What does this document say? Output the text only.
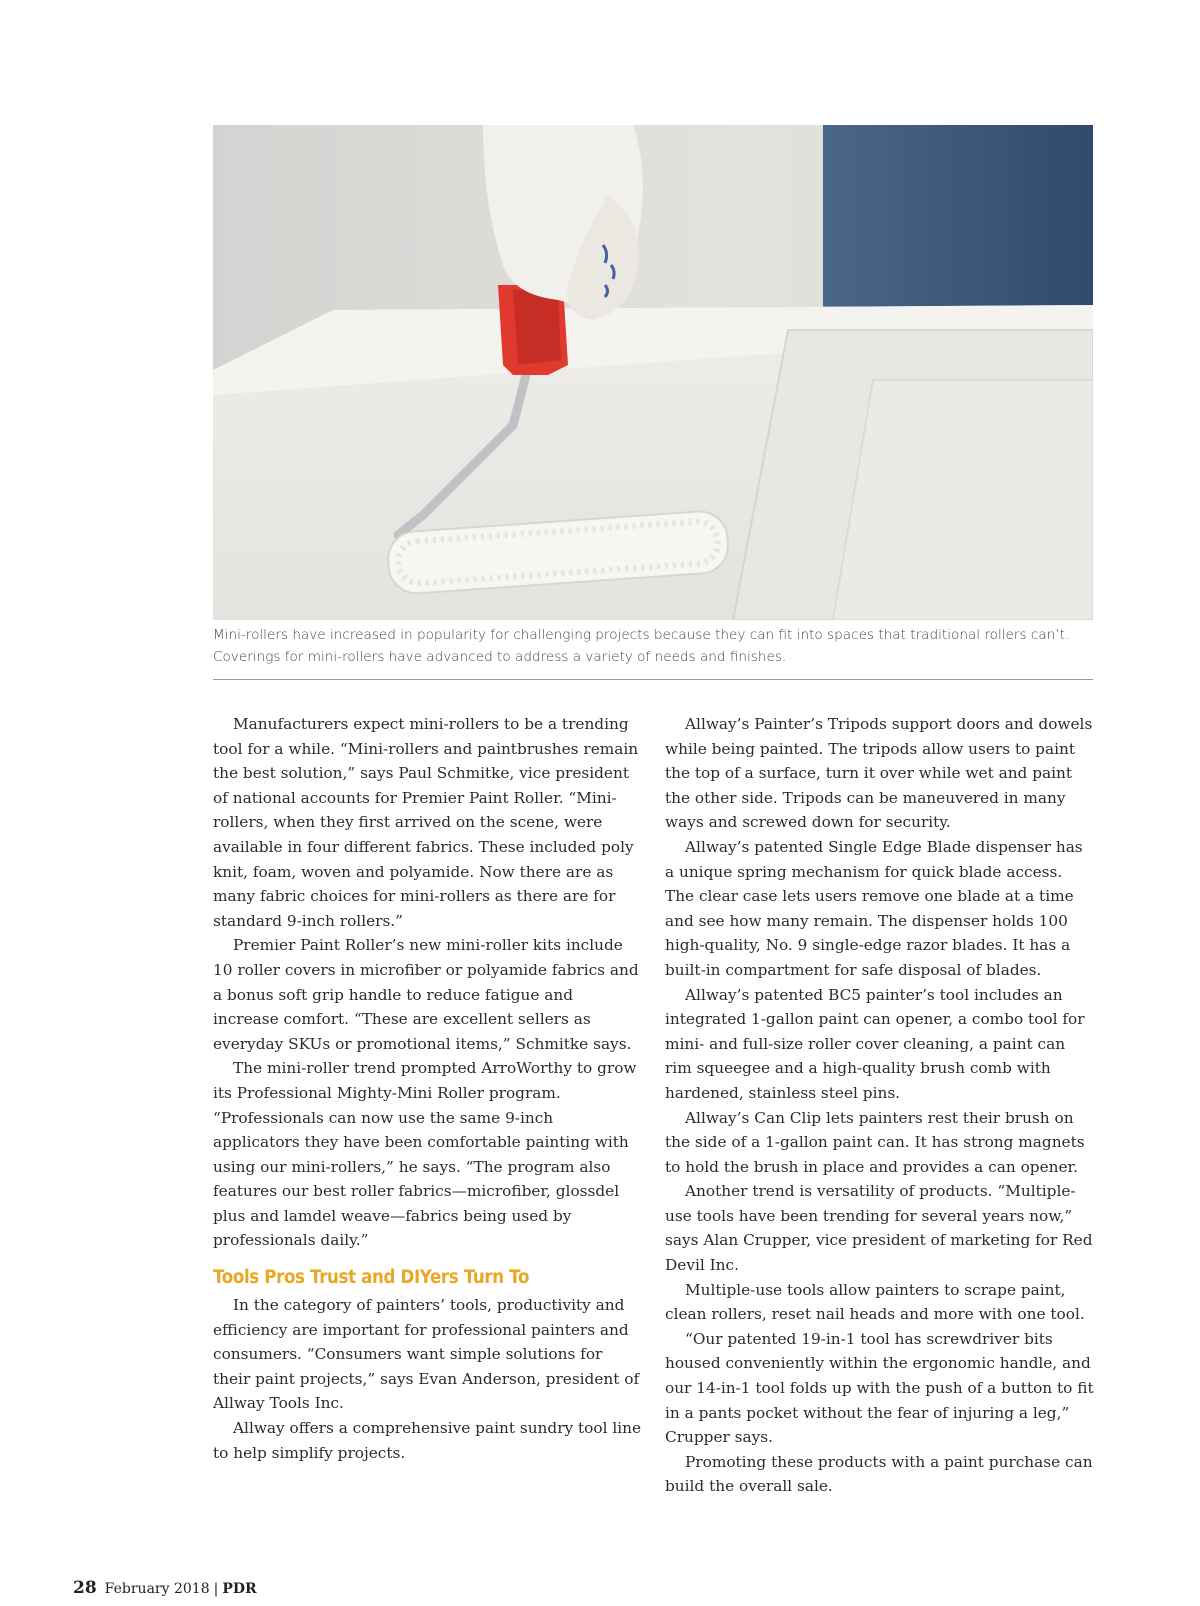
Mini-rollers have increased in popularity for challenging projects because they can fit into spaces that traditional rollers can’t. Coverings for mini-rollers have advanced to address a variety of needs and finishes.

Manufacturers expect mini-rollers to be a trending tool for a while. “Mini-rollers and paintbrushes remain the best solution,” says Paul Schmitke, vice president of national accounts for Premier Paint Roller. “Mini-rollers, when they first arrived on the scene, were available in four different fabrics. These included poly knit, foam, woven and polyamide. Now there are as many fabric choices for mini-rollers as there are for standard 9-inch rollers.”

Premier Paint Roller’s new mini-roller kits include 10 roller covers in microfiber or polyamide fabrics and a bonus soft grip handle to reduce fatigue and increase comfort. “These are excellent sellers as everyday SKUs or promotional items,” Schmitke says.

The mini-roller trend prompted ArroWorthy to grow its Professional Mighty-Mini Roller program. “Professionals can now use the same 9-inch applicators they have been comfortable painting with using our mini-rollers,” he says. “The program also features our best roller fabrics—microfiber, glossdel plus and lamdel weave—fabrics being used by professionals daily.”

Tools Pros Trust and DIYers Turn To

In the category of painters’ tools, productivity and efficiency are important for professional painters and consumers. “Consumers want simple solutions for their paint projects,” says Evan Anderson, president of Allway Tools Inc.

Allway offers a comprehensive paint sundry tool line to help simplify projects.

Allway’s Painter’s Tripods support doors and dowels while being painted. The tripods allow users to paint the top of a surface, turn it over while wet and paint the other side. Tripods can be maneuvered in many ways and screwed down for security.

Allway’s patented Single Edge Blade dispenser has a unique spring mechanism for quick blade access. The clear case lets users remove one blade at a time and see how many remain. The dispenser holds 100 high-quality, No. 9 single-edge razor blades. It has a built-in compartment for safe disposal of blades.

Allway’s patented BC5 painter’s tool includes an integrated 1-gallon paint can opener, a combo tool for mini- and full-size roller cover cleaning, a paint can rim squeegee and a high-quality brush comb with hardened, stainless steel pins.

Allway’s Can Clip lets painters rest their brush on the side of a 1-gallon paint can. It has strong magnets to hold the brush in place and provides a can opener.

Another trend is versatility of products. “Multiple-use tools have been trending for several years now,” says Alan Crupper, vice president of marketing for Red Devil Inc.

Multiple-use tools allow painters to scrape paint, clean rollers, reset nail heads and more with one tool.

“Our patented 19-in-1 tool has screwdriver bits housed conveniently within the ergonomic handle, and our 14-in-1 tool folds up with the push of a button to fit in a pants pocket without the fear of injuring a leg,” Crupper says.

Promoting these products with a paint purchase can build the overall sale.

28 February 2018 | PDR
